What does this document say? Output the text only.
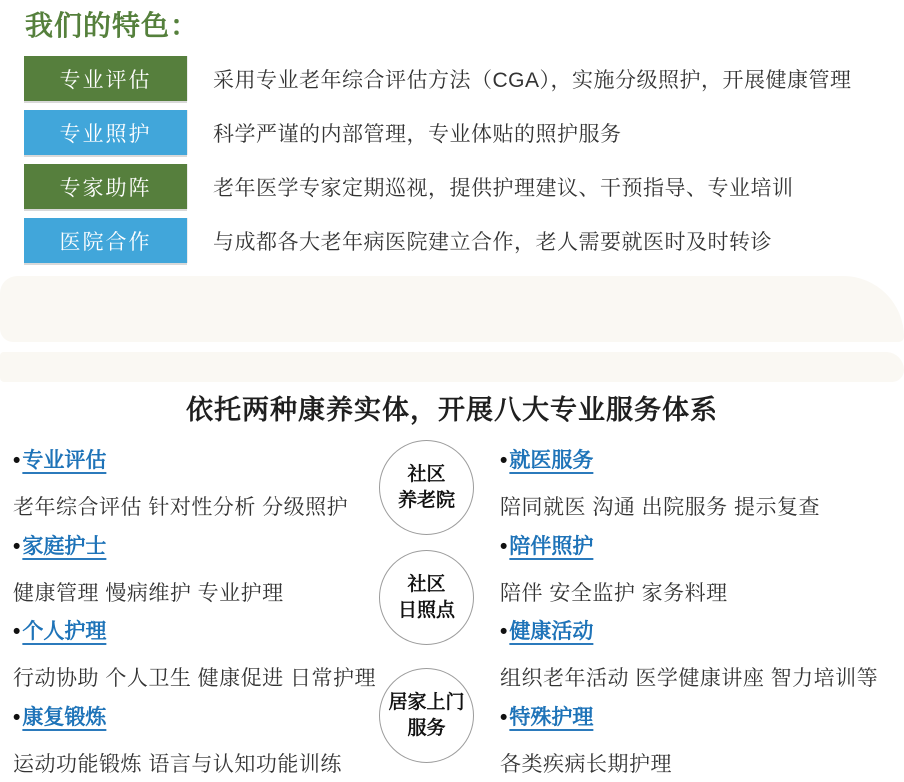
我们的特色：
专业评估	采用专业老年综合评估方法（CGA），实施分级照护，开展健康管理
专业照护	科学严谨的内部管理，专业体贴的照护服务
专家助阵	老年医学专家定期巡视，提供护理建议、干预指导、专业培训
医院合作	与成都各大老年病医院建立合作，老人需要就医时及时转诊
依托两种康养实体，开展八大专业服务体系
• 专业评估
老年综合评估 针对性分析 分级照护
• 家庭护士
健康管理 慢病维护 专业护理
• 个人护理
行动协助 个人卫生 健康促进 日常护理
• 康复锻炼
运动功能锻炼 语言与认知功能训练
• 就医服务
陪同就医 沟通 出院服务 提示复查
• 陪伴照护
陪伴 安全监护 家务料理
• 健康活动
组织老年活动 医学健康讲座 智力培训等
• 特殊护理
各类疾病长期护理
社区
养老院
社区
日照点
居家上门
服务
